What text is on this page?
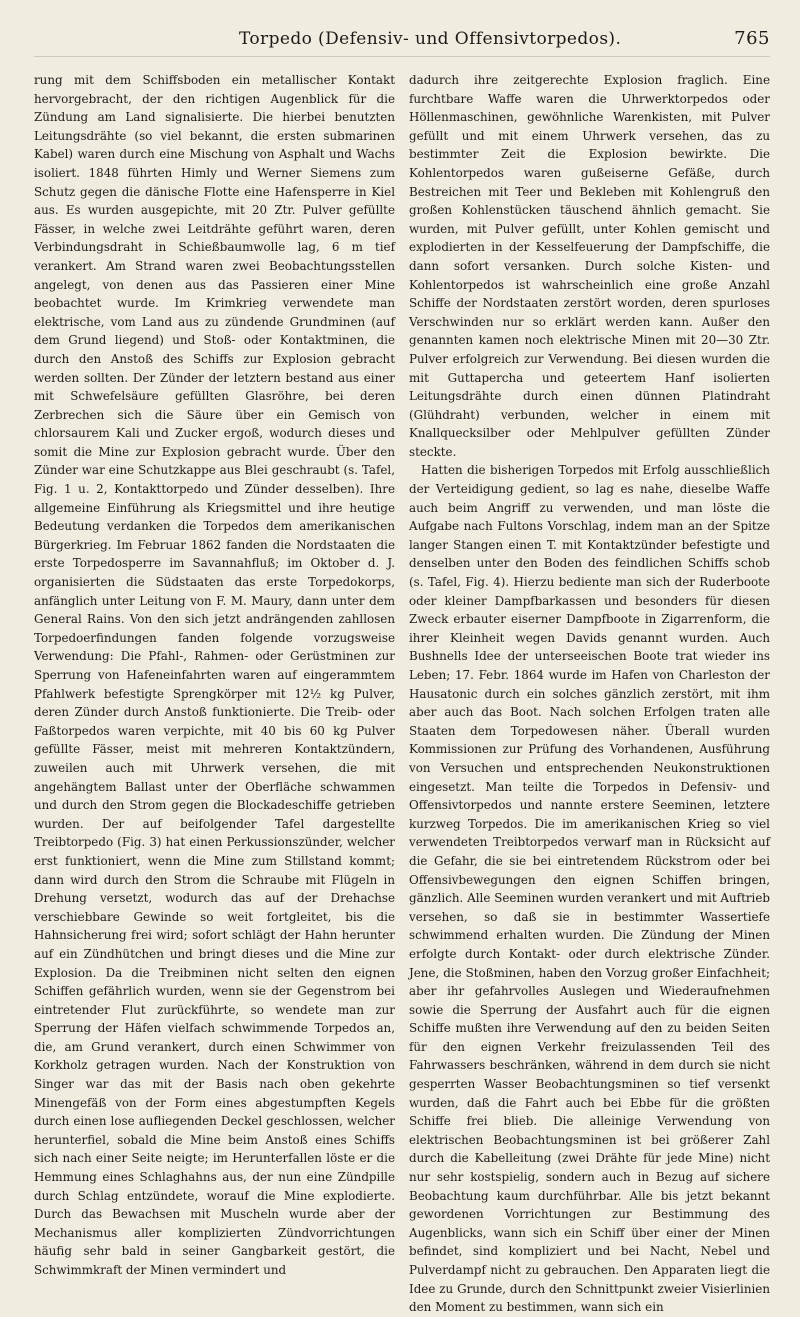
Torpedo (Defensiv- und Offensivtorpedos).	765

rung mit dem Schiffsboden ein metallischer Kontakt hervorgebracht, der den richtigen Augenblick für die Zündung am Land signalisierte. Die hierbei benutzten Leitungsdrähte (so viel bekannt, die ersten submarinen Kabel) waren durch eine Mischung von Asphalt und Wachs isoliert. 1848 führten Himly und Werner Siemens zum Schutz gegen die dänische Flotte eine Hafensperre in Kiel aus. Es wurden ausgepichte, mit 20 Ztr. Pulver gefüllte Fässer, in welche zwei Leitdrähte geführt waren, deren Verbindungsdraht in Schießbaumwolle lag, 6 m tief verankert. Am Strand waren zwei Beobachtungsstellen angelegt, von denen aus das Passieren einer Mine beobachtet wurde. Im Krimkrieg verwendete man elektrische, vom Land aus zu zündende Grundminen (auf dem Grund liegend) und Stoß- oder Kontaktminen, die durch den Anstoß des Schiffs zur Explosion gebracht werden sollten. Der Zünder der letztern bestand aus einer mit Schwefelsäure gefüllten Glasröhre, bei deren Zerbrechen sich die Säure über ein Gemisch von chlorsaurem Kali und Zucker ergoß, wodurch dieses und somit die Mine zur Explosion gebracht wurde. Über den Zünder war eine Schutzkappe aus Blei geschraubt (s. Tafel, Fig. 1 u. 2, Kontakttorpedo und Zünder desselben). Ihre allgemeine Einführung als Kriegsmittel und ihre heutige Bedeutung verdanken die Torpedos dem amerikanischen Bürgerkrieg. Im Februar 1862 fanden die Nordstaaten die erste Torpedosperre im Savannahfluß; im Oktober d. J. organisierten die Südstaaten das erste Torpedokorps, anfänglich unter Leitung von F. M. Maury, dann unter dem General Rains. Von den sich jetzt andrängenden zahllosen Torpedoerfindungen fanden folgende vorzugsweise Verwendung: Die Pfahl-, Rahmen- oder Gerüstminen zur Sperrung von Hafeneinfahrten waren auf eingerammtem Pfahlwerk befestigte Sprengkörper mit 12½ kg Pulver, deren Zünder durch Anstoß funktionierte. Die Treib- oder Faßtorpedos waren verpichte, mit 40 bis 60 kg Pulver gefüllte Fässer, meist mit mehreren Kontaktzündern, zuweilen auch mit Uhrwerk versehen, die mit angehängtem Ballast unter der Oberfläche schwammen und durch den Strom gegen die Blockadeschiffe getrieben wurden. Der auf beifolgender Tafel dargestellte Treibtorpedo (Fig. 3) hat einen Perkussionszünder, welcher erst funktioniert, wenn die Mine zum Stillstand kommt; dann wird durch den Strom die Schraube mit Flügeln in Drehung versetzt, wodurch das auf der Drehachse verschiebbare Gewinde so weit fortgleitet, bis die Hahnsicherung frei wird; sofort schlägt der Hahn herunter auf ein Zündhütchen und bringt dieses und die Mine zur Explosion. Da die Treibminen nicht selten den eignen Schiffen gefährlich wurden, wenn sie der Gegenstrom bei eintretender Flut zurückführte, so wendete man zur Sperrung der Häfen vielfach schwimmende Torpedos an, die, am Grund verankert, durch einen Schwimmer von Korkholz getragen wurden. Nach der Konstruktion von Singer war das mit der Basis nach oben gekehrte Minengefäß von der Form eines abgestumpften Kegels durch einen lose aufliegenden Deckel geschlossen, welcher herunterfiel, sobald die Mine beim Anstoß eines Schiffs sich nach einer Seite neigte; im Herunterfallen löste er die Hemmung eines Schlaghahns aus, der nun eine Zündpille durch Schlag entzündete, worauf die Mine explodierte. Durch das Bewachsen mit Muscheln wurde aber der Mechanismus aller komplizierten Zündvorrichtungen häufig sehr bald in seiner Gangbarkeit gestört, die Schwimmkraft der Minen vermindert und

dadurch ihre zeitgerechte Explosion fraglich. Eine furchtbare Waffe waren die Uhrwerktorpedos oder Höllenmaschinen, gewöhnliche Warenkisten, mit Pulver gefüllt und mit einem Uhrwerk versehen, das zu bestimmter Zeit die Explosion bewirkte. Die Kohlentorpedos waren gußeiserne Gefäße, durch Bestreichen mit Teer und Bekleben mit Kohlengruß den großen Kohlenstücken täuschend ähnlich gemacht. Sie wurden, mit Pulver gefüllt, unter Kohlen gemischt und explodierten in der Kesselfeuerung der Dampfschiffe, die dann sofort versanken. Durch solche Kisten- und Kohlentorpedos ist wahrscheinlich eine große Anzahl Schiffe der Nordstaaten zerstört worden, deren spurloses Verschwinden nur so erklärt werden kann. Außer den genannten kamen noch elektrische Minen mit 20—30 Ztr. Pulver erfolgreich zur Verwendung. Bei diesen wurden die mit Guttapercha und geteertem Hanf isolierten Leitungsdrähte durch einen dünnen Platindraht (Glühdraht) verbunden, welcher in einem mit Knallquecksilber oder Mehlpulver gefüllten Zünder steckte.

Hatten die bisherigen Torpedos mit Erfolg ausschließlich der Verteidigung gedient, so lag es nahe, dieselbe Waffe auch beim Angriff zu verwenden, und man löste die Aufgabe nach Fultons Vorschlag, indem man an der Spitze langer Stangen einen T. mit Kontaktzünder befestigte und denselben unter den Boden des feindlichen Schiffs schob (s. Tafel, Fig. 4). Hierzu bediente man sich der Ruderboote oder kleiner Dampfbarkassen und besonders für diesen Zweck erbauter eiserner Dampfboote in Zigarrenform, die ihrer Kleinheit wegen Davids genannt wurden. Auch Bushnells Idee der unterseeischen Boote trat wieder ins Leben; 17. Febr. 1864 wurde im Hafen von Charleston der Hausatonic durch ein solches gänzlich zerstört, mit ihm aber auch das Boot. Nach solchen Erfolgen traten alle Staaten dem Torpedowesen näher. Überall wurden Kommissionen zur Prüfung des Vorhandenen, Ausführung von Versuchen und entsprechenden Neukonstruktionen eingesetzt. Man teilte die Torpedos in Defensiv- und Offensivtorpedos und nannte erstere Seeminen, letztere kurzweg Torpedos. Die im amerikanischen Krieg so viel verwendeten Treibtorpedos verwarf man in Rücksicht auf die Gefahr, die sie bei eintretendem Rückstrom oder bei Offensivbewegungen den eignen Schiffen bringen, gänzlich. Alle Seeminen wurden verankert und mit Auftrieb versehen, so daß sie in bestimmter Wassertiefe schwimmend erhalten wurden. Die Zündung der Minen erfolgte durch Kontakt- oder durch elektrische Zünder. Jene, die Stoßminen, haben den Vorzug großer Einfachheit; aber ihr gefahrvolles Auslegen und Wiederaufnehmen sowie die Sperrung der Ausfahrt auch für die eignen Schiffe mußten ihre Verwendung auf den zu beiden Seiten für den eignen Verkehr freizulassenden Teil des Fahrwassers beschränken, während in dem durch sie nicht gesperrten Wasser Beobachtungsminen so tief versenkt wurden, daß die Fahrt auch bei Ebbe für die größten Schiffe frei blieb. Die alleinige Verwendung von elektrischen Beobachtungsminen ist bei größerer Zahl durch die Kabelleitung (zwei Drähte für jede Mine) nicht nur sehr kostspielig, sondern auch in Bezug auf sichere Beobachtung kaum durchführbar. Alle bis jetzt bekannt gewordenen Vorrichtungen zur Bestimmung des Augenblicks, wann sich ein Schiff über einer der Minen befindet, sind kompliziert und bei Nacht, Nebel und Pulverdampf nicht zu gebrauchen. Den Apparaten liegt die Idee zu Grunde, durch den Schnittpunkt zweier Visierlinien den Moment zu bestimmen, wann sich ein
